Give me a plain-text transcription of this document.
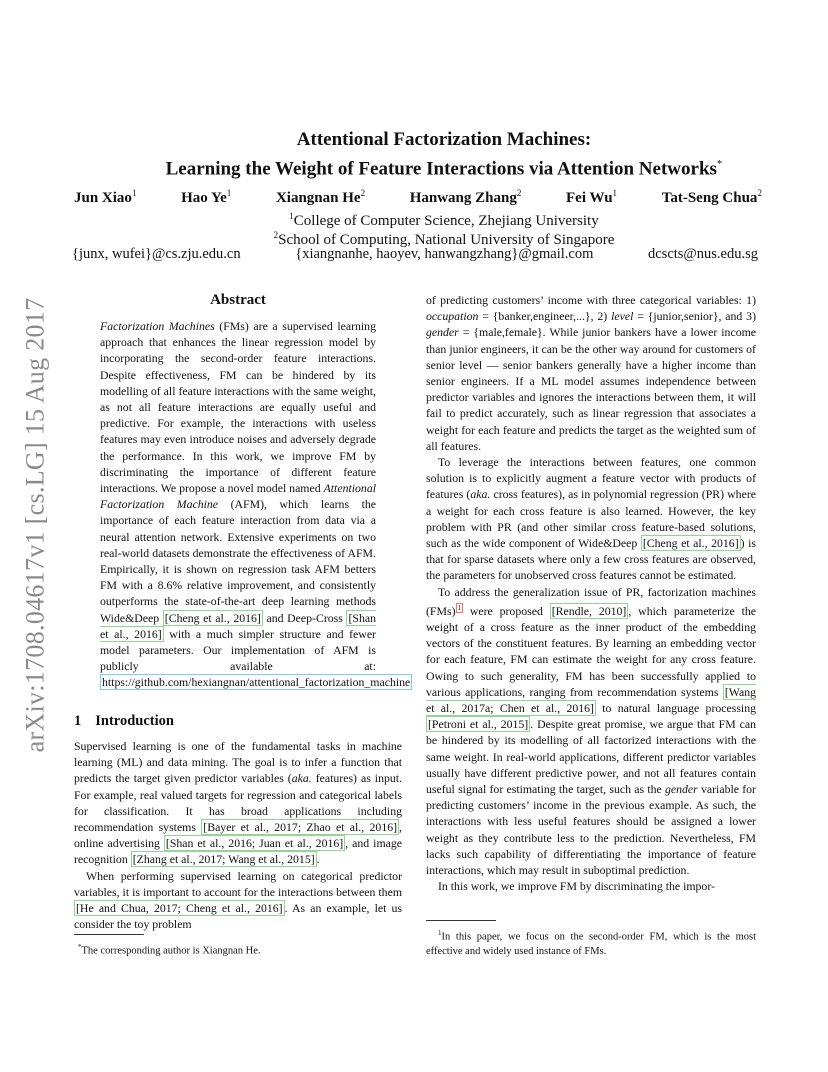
arXiv:1708.04617v1 [cs.LG] 15 Aug 2017
Attentional Factorization Machines:
Learning the Weight of Feature Interactions via Attention Networks*
Jun Xiao$^1$	Hao Ye$^1$	Xiangnan He$^2$	Hanwang Zhang$^2$	Fei Wu$^1$	Tat-Seng Chua$^2$
$^1$College of Computer Science, Zhejiang University
$^2$School of Computing, National University of Singapore
{junx, wufei}@cs.zju.edu.cn	{xiangnanhe, haoyev, hanwangzhang}@gmail.com	dcscts@nus.edu.sg
Abstract

Factorization Machines (FMs) are a supervised learning approach that enhances the linear regression model by incorporating the second-order feature interactions. Despite effectiveness, FM can be hindered by its modelling of all feature interactions with the same weight, as not all feature interactions are equally useful and predictive. For example, the interactions with useless features may even introduce noises and adversely degrade the performance. In this work, we improve FM by discriminating the importance of different feature interactions. We propose a novel model named Attentional Factorization Machine (AFM), which learns the importance of each feature interaction from data via a neural attention network. Extensive experiments on two real-world datasets demonstrate the effectiveness of AFM. Empirically, it is shown on regression task AFM betters FM with a 8.6% relative improvement, and consistently outperforms the state-of-the-art deep learning methods Wide&Deep [Cheng et al., 2016] and Deep-Cross [Shan et al., 2016] with a much simpler structure and fewer model parameters. Our implementation of AFM is publicly available at: https://github.com/hexiangnan/attentional_factorization_machine

1 Introduction

Supervised learning is one of the fundamental tasks in machine learning (ML) and data mining. The goal is to infer a function that predicts the target given predictor variables (aka. features) as input. For example, real valued targets for regression and categorical labels for classification. It has broad applications including recommendation systems [Bayer et al., 2017; Zhao et al., 2016] , online advertising [Shan et al., 2016; Juan et al., 2016] , and image recognition [Zhang et al., 2017; Wang et al., 2015] .

When performing supervised learning on categorical predictor variables, it is important to account for the interactions between them [He and Chua, 2017; Cheng et al., 2016] . As an example, let us consider the toy problem

*The corresponding author is Xiangnan He.

of predicting customers’ income with three categorical variables: 1) occupation = {banker,engineer,...}, 2) level = {junior,senior}, and 3) gender = {male,female}. While junior bankers have a lower income than junior engineers, it can be the other way around for customers of senior level — senior bankers generally have a higher income than senior engineers. If a ML model assumes independence between predictor variables and ignores the interactions between them, it will fail to predict accurately, such as linear regression that associates a weight for each feature and predicts the target as the weighted sum of all features.

To leverage the interactions between features, one common solution is to explicitly augment a feature vector with products of features (aka. cross features), as in polynomial regression (PR) where a weight for each cross feature is also learned. However, the key problem with PR (and other similar cross feature-based solutions, such as the wide component of Wide&Deep [Cheng et al., 2016] ) is that for sparse datasets where only a few cross features are observed, the parameters for unobserved cross features cannot be estimated.

To address the generalization issue of PR, factorization machines (FMs) $^1$ were proposed [Rendle, 2010] , which parameterize the weight of a cross feature as the inner product of the embedding vectors of the constituent features. By learning an embedding vector for each feature, FM can estimate the weight for any cross feature. Owing to such generality, FM has been successfully applied to various applications, ranging from recommendation systems [Wang et al., 2017a; Chen et al., 2016] to natural language processing [Petroni et al., 2015] . Despite great promise, we argue that FM can be hindered by its modelling of all factorized interactions with the same weight. In real-world applications, different predictor variables usually have different predictive power, and not all features contain useful signal for estimating the target, such as the gender variable for predicting customers’ income in the previous example. As such, the interactions with less useful features should be assigned a lower weight as they contribute less to the prediction. Nevertheless, FM lacks such capability of differentiating the importance of feature interactions, which may result in suboptimal prediction.

In this work, we improve FM by discriminating the impor-

$^1$In this paper, we focus on the second-order FM, which is the most effective and widely used instance of FMs.
